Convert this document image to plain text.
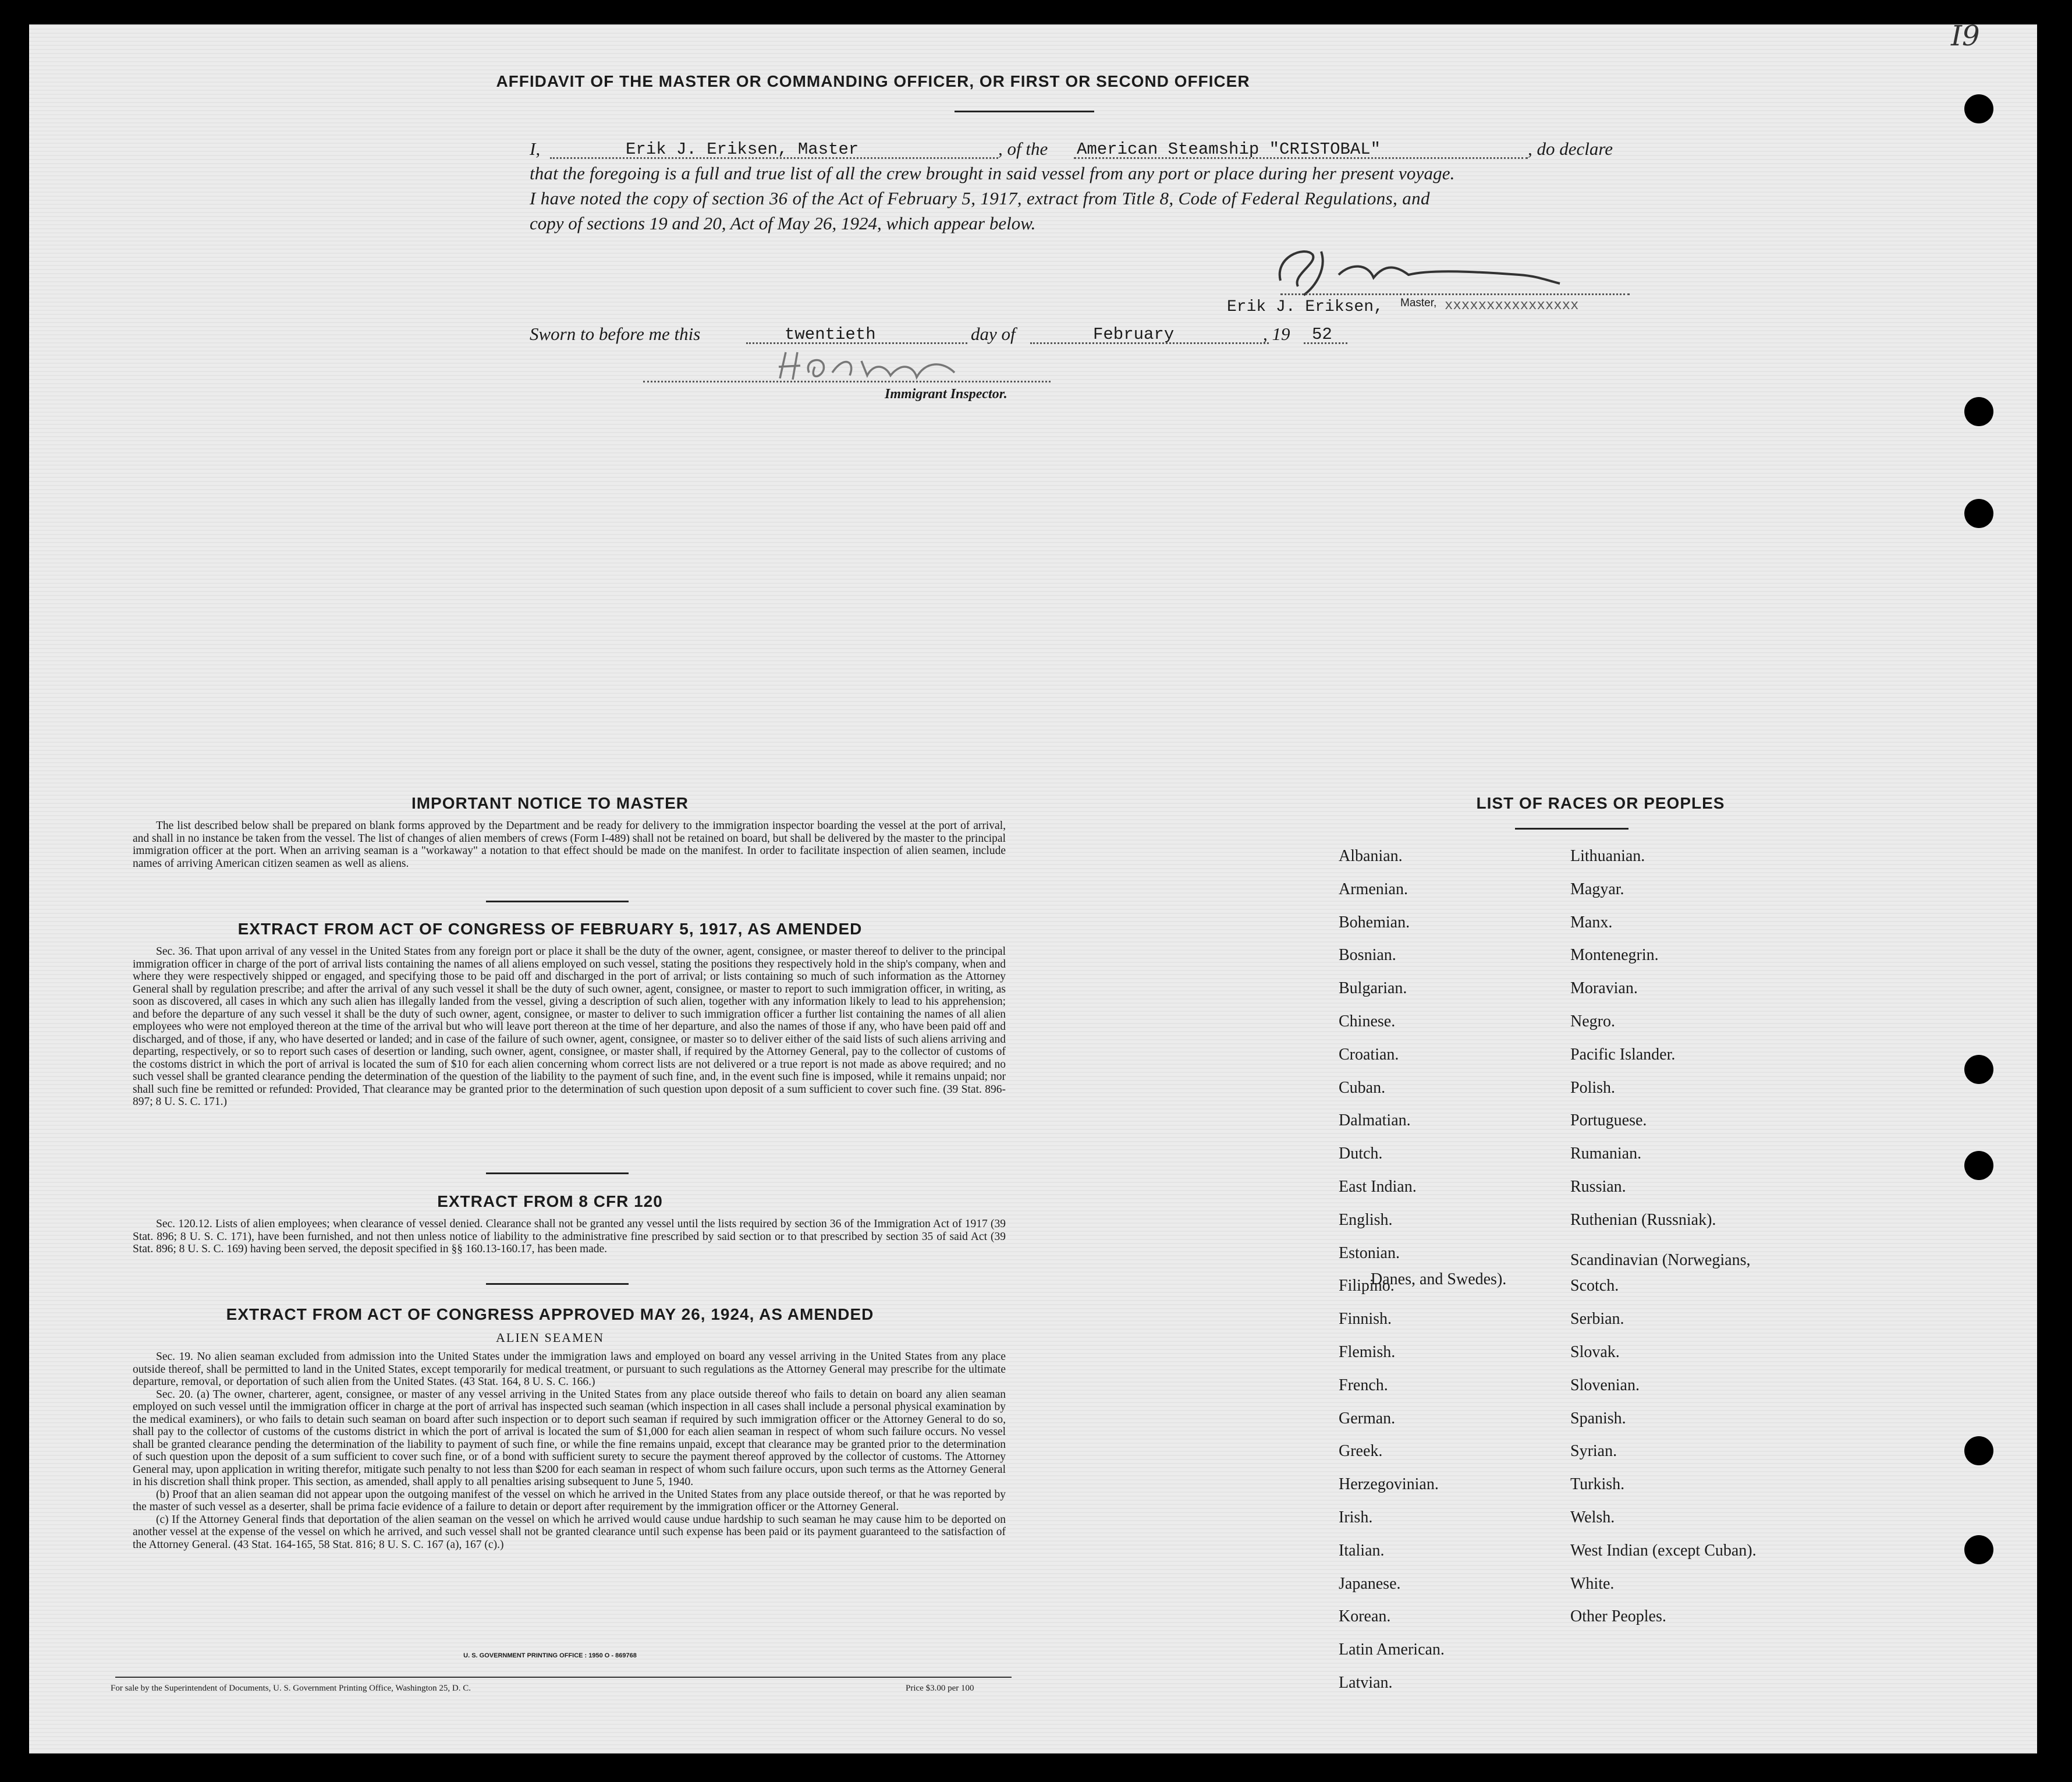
I9
AFFIDAVIT OF THE MASTER OR COMMANDING OFFICER, OR FIRST OR SECOND OFFICER
I,	Erik J. Eriksen, Master	, of the American Steamship "CRISTOBAL"	, do declare
that the foregoing is a full and true list of all the crew brought in said vessel from any port or place during her present voyage.
I have noted the copy of section 36 of the Act of February 5, 1917, extract from Title 8, Code of Federal Regulations, and
copy of sections 19 and 20, Act of May 26, 1924, which appear below.
Erik J. Eriksen, Master, xxxxxxxxxxxxxxxx
Sworn to before me this	twentieth	day of	February	, 19 52
Immigrant Inspector.
IMPORTANT NOTICE TO MASTER

The list described below shall be prepared on blank forms approved by the Department and be ready for delivery to the immigration inspector boarding the vessel at the port of arrival, and shall in no instance be taken from the vessel. The list of changes of alien members of crews (Form I-489) shall not be retained on board, but shall be delivered by the master to the principal immigration officer at the port. When an arriving seaman is a "workaway" a notation to that effect should be made on the manifest. In order to facilitate inspection of alien seamen, include names of arriving American citizen seamen as well as aliens.

EXTRACT FROM ACT OF CONGRESS OF FEBRUARY 5, 1917, AS AMENDED

Sec. 36. That upon arrival of any vessel in the United States from any foreign port or place it shall be the duty of the owner, agent, consignee, or master thereof to deliver to the principal immigration officer in charge of the port of arrival lists containing the names of all aliens employed on such vessel, stating the positions they respectively hold in the ship's company, when and where they were respectively shipped or engaged, and specifying those to be paid off and discharged in the port of arrival; or lists containing so much of such information as the Attorney General shall by regulation prescribe; and after the arrival of any such vessel it shall be the duty of such owner, agent, consignee, or master to report to such immigration officer, in writing, as soon as discovered, all cases in which any such alien has illegally landed from the vessel, giving a description of such alien, together with any information likely to lead to his apprehension; and before the departure of any such vessel it shall be the duty of such owner, agent, consignee, or master to deliver to such immigration officer a further list containing the names of all alien employees who were not employed thereon at the time of the arrival but who will leave port thereon at the time of her departure, and also the names of those if any, who have been paid off and discharged, and of those, if any, who have deserted or landed; and in case of the failure of such owner, agent, consignee, or master so to deliver either of the said lists of such aliens arriving and departing, respectively, or so to report such cases of desertion or landing, such owner, agent, consignee, or master shall, if required by the Attorney General, pay to the collector of customs of the costoms district in which the port of arrival is located the sum of $10 for each alien concerning whom correct lists are not delivered or a true report is not made as above required; and no such vessel shall be granted clearance pending the determination of the question of the liability to the payment of such fine, and, in the event such fine is imposed, while it remains unpaid; nor shall such fine be remitted or refunded: Provided, That clearance may be granted prior to the determination of such question upon deposit of a sum sufficient to cover such fine. (39 Stat. 896-897; 8 U. S. C. 171.)

EXTRACT FROM 8 CFR 120

Sec. 120.12. Lists of alien employees; when clearance of vessel denied. Clearance shall not be granted any vessel until the lists required by section 36 of the Immigration Act of 1917 (39 Stat. 896; 8 U. S. C. 171), have been furnished, and not then unless notice of liability to the administrative fine prescribed by said section or to that prescribed by section 35 of said Act (39 Stat. 896; 8 U. S. C. 169) having been served, the deposit specified in §§ 160.13-160.17, has been made.

EXTRACT FROM ACT OF CONGRESS APPROVED MAY 26, 1924, AS AMENDED
ALIEN SEAMEN

Sec. 19. No alien seaman excluded from admission into the United States under the immigration laws and employed on board any vessel arriving in the United States from any place outside thereof, shall be permitted to land in the United States, except temporarily for medical treatment, or pursuant to such regulations as the Attorney General may prescribe for the ultimate departure, removal, or deportation of such alien from the United States. (43 Stat. 164, 8 U. S. C. 166.)

Sec. 20. (a) The owner, charterer, agent, consignee, or master of any vessel arriving in the United States from any place outside thereof who fails to detain on board any alien seaman employed on such vessel until the immigration officer in charge at the port of arrival has inspected such seaman (which inspection in all cases shall include a personal physical examination by the medical examiners), or who fails to detain such seaman on board after such inspection or to deport such seaman if required by such immigration officer or the Attorney General to do so, shall pay to the collector of customs of the customs district in which the port of arrival is located the sum of $1,000 for each alien seaman in respect of whom such failure occurs. No vessel shall be granted clearance pending the determination of the liability to payment of such fine, or while the fine remains unpaid, except that clearance may be granted prior to the determination of such question upon the deposit of a sum sufficient to cover such fine, or of a bond with sufficient surety to secure the payment thereof approved by the collector of customs. The Attorney General may, upon application in writing therefor, mitigate such penalty to not less than $200 for each seaman in respect of whom such failure occurs, upon such terms as the Attorney General in his discretion shall think proper. This section, as amended, shall apply to all penalties arising subsequent to June 5, 1940.

(b) Proof that an alien seaman did not appear upon the outgoing manifest of the vessel on which he arrived in the United States from any place outside thereof, or that he was reported by the master of such vessel as a deserter, shall be prima facie evidence of a failure to detain or deport after requirement by the immigration officer or the Attorney General.

(c) If the Attorney General finds that deportation of the alien seaman on the vessel on which he arrived would cause undue hardship to such seaman he may cause him to be deported on another vessel at the expense of the vessel on which he arrived, and such vessel shall not be granted clearance until such expense has been paid or its payment guaranteed to the satisfaction of the Attorney General. (43 Stat. 164-165, 58 Stat. 816; 8 U. S. C. 167 (a), 167 (c).)

U. S. GOVERNMENT PRINTING OFFICE : 1950 O - 869768
For sale by the Superintendent of Documents, U. S. Government Printing Office, Washington 25, D. C.	Price $3.00 per 100
LIST OF RACES OR PEOPLES
Albanian.
Armenian.
Bohemian.
Bosnian.
Bulgarian.
Chinese.
Croatian.
Cuban.
Dalmatian.
Dutch.
East Indian.
English.
Estonian.
Filipino.
Finnish.
Flemish.
French.
German.
Greek.
Herzegovinian.
Irish.
Italian.
Japanese.
Korean.
Latin American.
Latvian.
Lithuanian.
Magyar.
Manx.
Montenegrin.
Moravian.
Negro.
Pacific Islander.
Polish.
Portuguese.
Rumanian.
Russian.
Ruthenian (Russniak).
Scandinavian (Norwegians,
Danes, and Swedes).	Scotch.
Serbian.
Slovak.
Slovenian.
Spanish.
Syrian.
Turkish.
Welsh.
West Indian (except Cuban).
White.
Other Peoples.
